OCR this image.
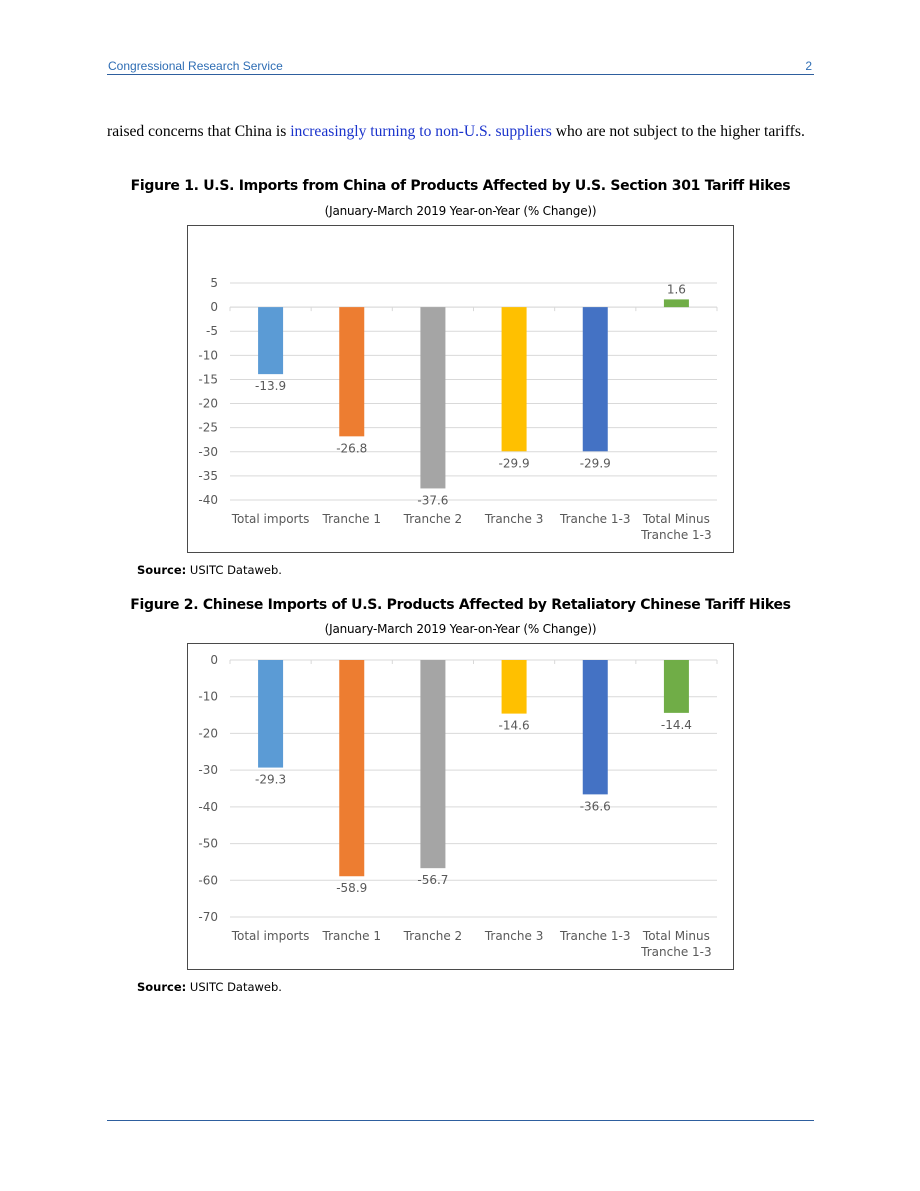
Congressional Research Service	2
raised concerns that China is increasingly turning to non-U.S. suppliers who are not subject to the higher tariffs.
Figure 1. U.S. Imports from China of Products Affected by U.S. Section 301 Tariff Hikes
(January-March 2019 Year-on-Year (% Change))
5
0
-5
-10
-15
-20
-25
-30
-35
-40
-13.9
Total imports
-26.8
Tranche 1
-37.6
Tranche 2
-29.9
Tranche 3
-29.9
Tranche 1-3
1.6
Total Minus
Tranche 1-3
Source: USITC Dataweb.
Figure 2. Chinese Imports of U.S. Products Affected by Retaliatory Chinese Tariff Hikes
(January-March 2019 Year-on-Year (% Change))
0
-10
-20
-30
-40
-50
-60
-70
-29.3
Total imports
-58.9
Tranche 1
-56.7
Tranche 2
-14.6
Tranche 3
-36.6
Tranche 1-3
-14.4
Total Minus
Tranche 1-3
Source: USITC Dataweb.
